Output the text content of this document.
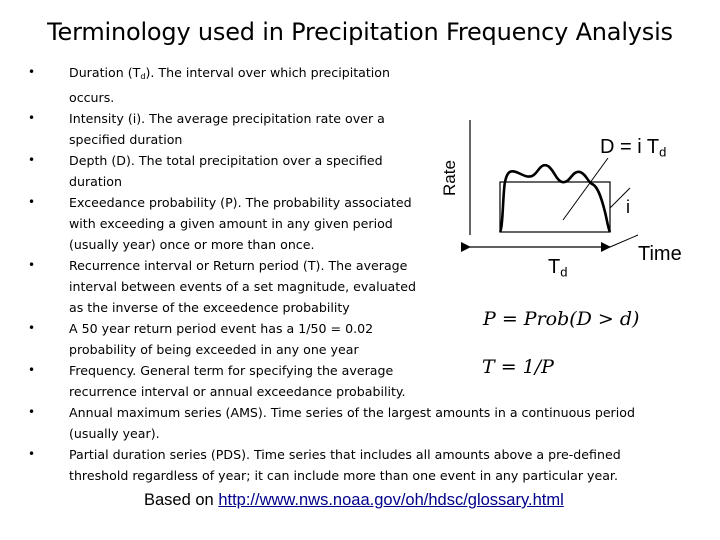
Terminology used in Precipitation Frequency Analysis
•	Duration $(T_d)$. The interval over which precipitation occurs.
•	Intensity (i). The average precipitation rate over a specified duration
•	Depth (D). The total precipitation over a specified duration
•	Exceedance probability (P). The probability associated with exceeding a given amount in any given period (usually year) once or more than once.
•	Recurrence interval or Return period (T). The average interval between events of a set magnitude, evaluated as the inverse of the exceedence probability
•	A 50 year return period event has a 1/50 = 0.02 probability of being exceeded in any one year
•	Frequency. General term for specifying the average recurrence interval or annual exceedance probability.
•	Annual maximum series (AMS). Time series of the largest amounts in a continuous period (usually year).
•	Partial duration series (PDS). Time series that includes all amounts above a pre-defined threshold regardless of year; it can include more than one event in any particular year.
Rate
D = i $T_d$
i
Time
$T_d$
P = Prob(D > d)
T = 1/P
Based on http://www.nws.noaa.gov/oh/hdsc/glossary.html
